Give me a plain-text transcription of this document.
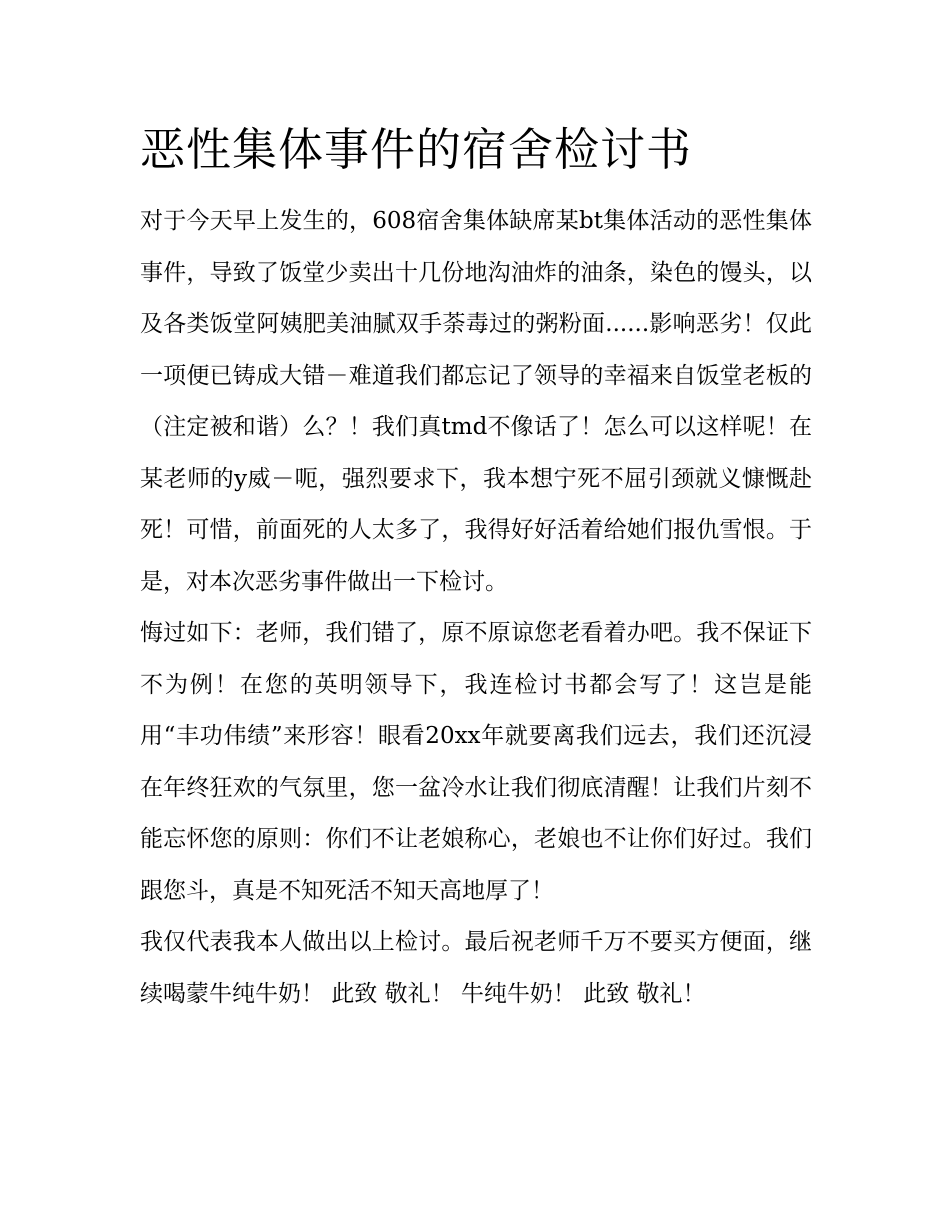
恶性集体事件的宿舍检讨书

对于今天早上发生的，608宿舍集体缺席某bt集体活动的恶性集体事件，导致了饭堂少卖出十几份地沟油炸的油条，染色的馒头，以及各类饭堂阿姨肥美油腻双手荼毒过的粥粉面......影响恶劣！仅此一项便已铸成大错－难道我们都忘记了领导的幸福来自饭堂老板的（注定被和谐）么？！我们真tmd不像话了！怎么可以这样呢！在某老师的y威－呃，强烈要求下，我本想宁死不屈引颈就义慷慨赴死！可惜，前面死的人太多了，我得好好活着给她们报仇雪恨。于是，对本次恶劣事件做出一下检讨。

悔过如下：老师，我们错了，原不原谅您老看着办吧。我不保证下不为例！在您的英明领导下，我连检讨书都会写了！这岂是能用“丰功伟绩”来形容！眼看20xx年就要离我们远去，我们还沉浸在年终狂欢的气氛里，您一盆冷水让我们彻底清醒！让我们片刻不能忘怀您的原则：你们不让老娘称心，老娘也不让你们好过。我们跟您斗，真是不知死活不知天高地厚了！

我仅代表我本人做出以上检讨。最后祝老师千万不要买方便面，继续喝蒙牛纯牛奶！ 此致 敬礼！ 牛纯牛奶！ 此致 敬礼！
